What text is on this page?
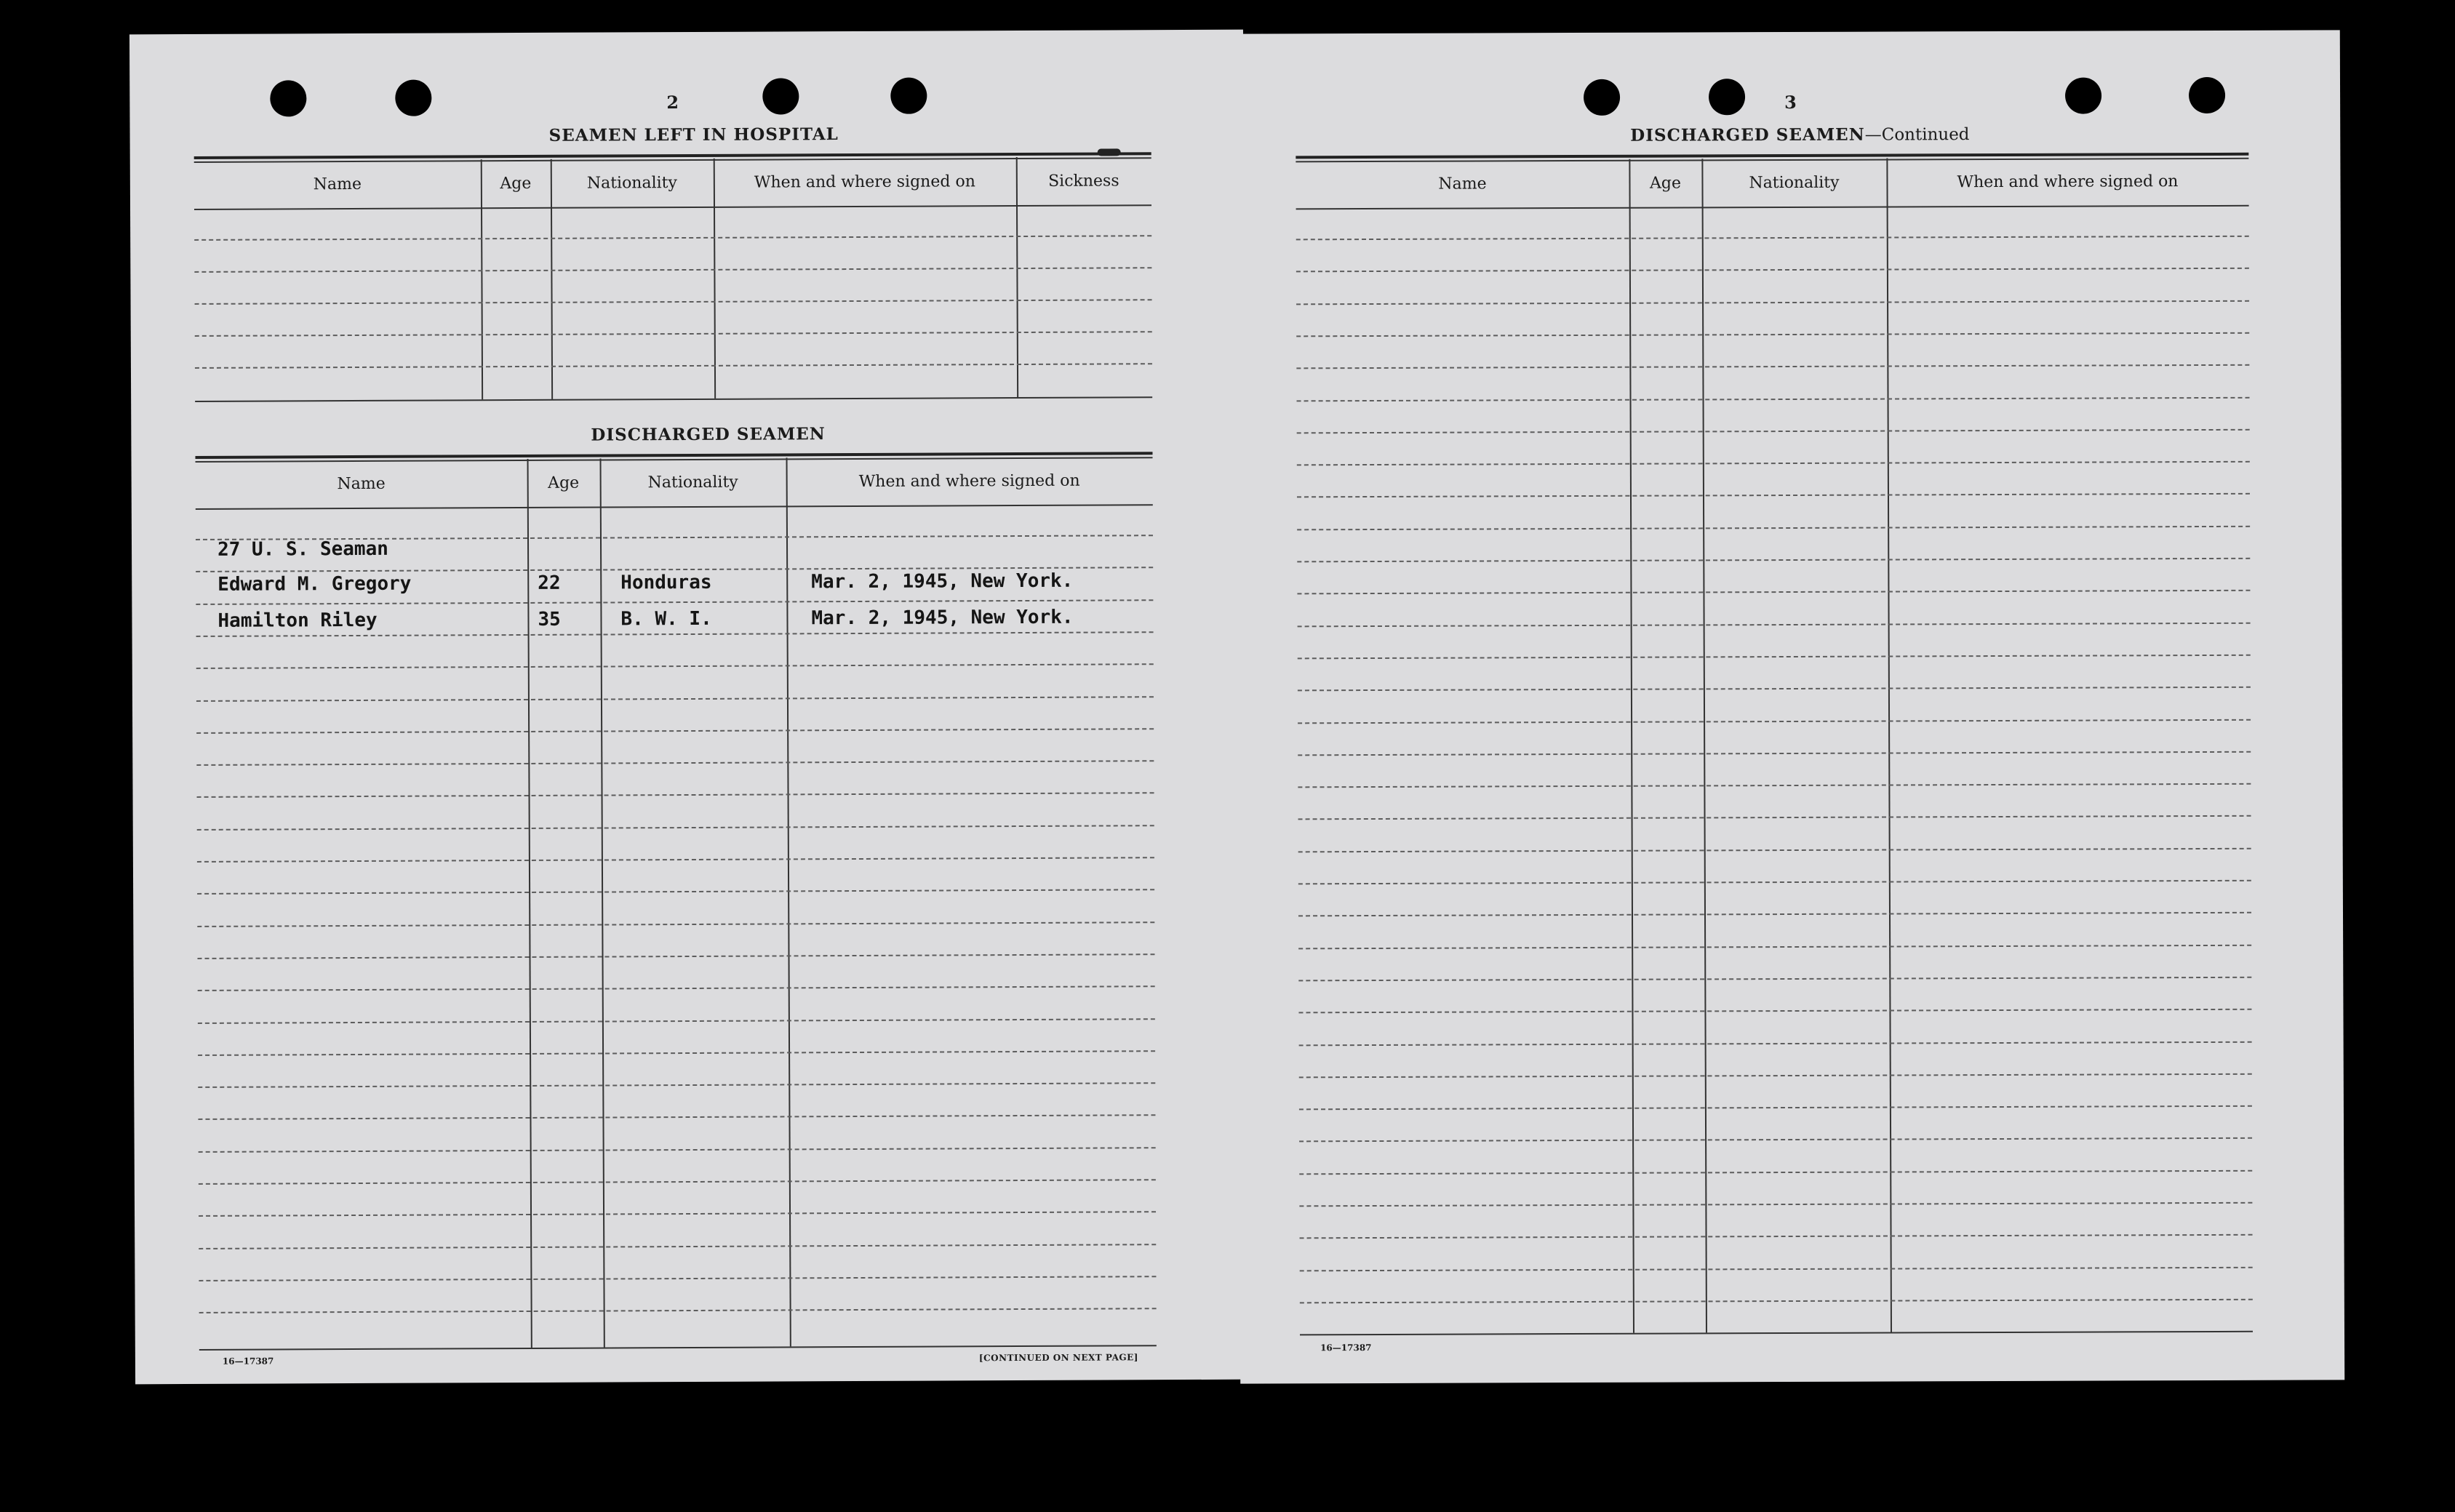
2
SEAMEN LEFT IN HOSPITAL
Name	Age	Nationality	When and where signed on	Sickness
DISCHARGED SEAMEN
Name	Age	Nationality	When and where signed on
27 U. S. Seaman
Edward M. Gregory	22	Honduras	Mar. 2, 1945, New York.
Hamilton Riley	35	B. W. I.	Mar. 2, 1945, New York.
16—17387	[CONTINUED ON NEXT PAGE]
3
DISCHARGED SEAMEN—Continued
Name	Age	Nationality	When and where signed on
16—17387
